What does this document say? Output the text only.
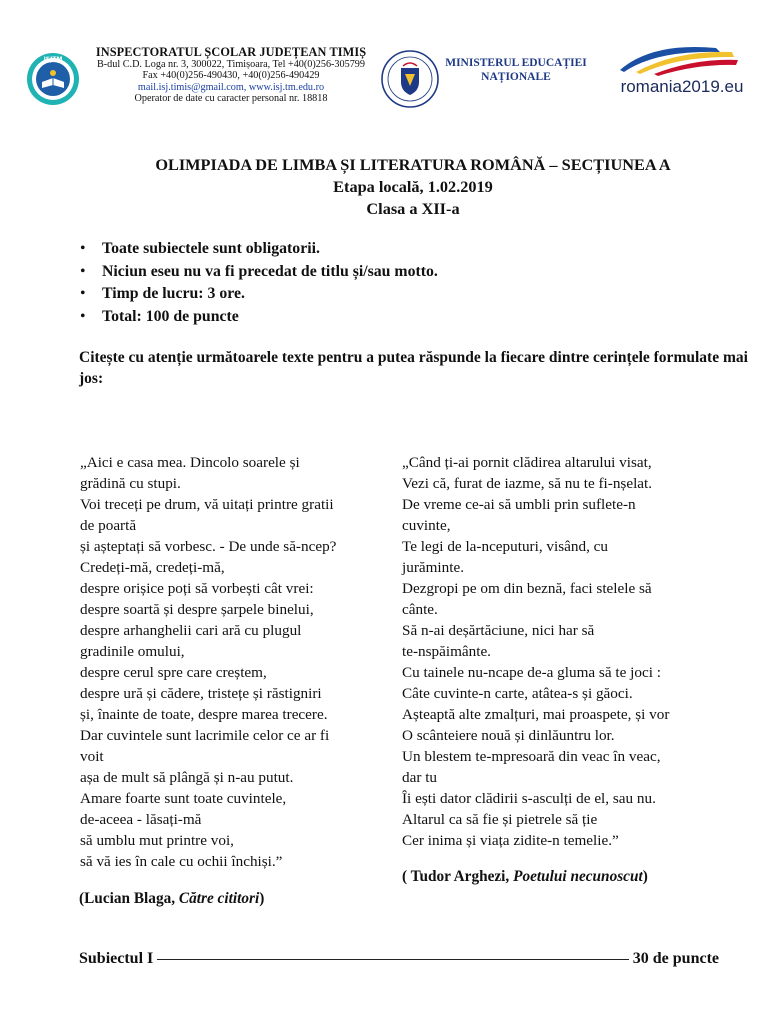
ISJTM
INSPECTORATUL ȘCOLAR JUDEȚEAN TIMIȘ
B-dul C.D. Loga nr. 3, 300022, Timișoara, Tel +40(0)256-305799
Fax +40(0)256-490430, +40(0)256-490429
mail.isj.timis@gmail.com, www.isj.tm.edu.ro
Operator de date cu caracter personal nr. 18818
MINISTERUL EDUCAȚIEI
NAȚIONALE	romania2019.eu
OLIMPIADA DE LIMBA ȘI LITERATURA ROMÂNĂ – SECȚIUNEA A
Etapa locală, 1.02.2019
Clasa a XII-a
• Toate subiectele sunt obligatorii.
• Niciun eseu nu va fi precedat de titlu și/sau motto.
• Timp de lucru: 3 ore.
• Total: 100 de puncte
Citește cu atenție următoarele texte pentru a putea răspunde la fiecare dintre cerințele formulate mai jos:
„Aici e casa mea. Dincolo soarele și
grădină cu stupi.
Voi treceți pe drum, vă uitați printre gratii
de poartă
și așteptați să vorbesc. - De unde să-ncep?
Credeți-mă, credeți-mă,
despre orișice poți să vorbești cât vrei:
despre soartă și despre șarpele binelui,
despre arhanghelii cari ară cu plugul
gradinile omului,
despre cerul spre care creștem,
despre ură și cădere, tristețe și răstigniri
și, înainte de toate, despre marea trecere.
Dar cuvintele sunt lacrimile celor ce ar fi
voit
așa de mult să plângă și n-au putut.
Amare foarte sunt toate cuvintele,
de-aceea - lăsați-mă
să umblu mut printre voi,
să vă ies în cale cu ochii închiși.”
(Lucian Blaga, Către cititori)
„Când ți-ai pornit clădirea altarului visat,
Vezi că, furat de iazme, să nu te fi-nșelat.
De vreme ce-ai să umbli prin suflete-n
cuvinte,
Te legi de la-nceputuri, visând, cu
jurăminte.
Dezgropi pe om din beznă, faci stelele să
cânte.
Să n-ai deșărtăciune, nici har să
te-nspăimânte.
Cu tainele nu-ncape de-a gluma să te joci :
Câte cuvinte-n carte, atâtea-s și găoci.
Așteaptă alte zmalțuri, mai proaspete, și vor
O scânteiere nouă și dinlăuntru lor.
Un blestem te-mpresoară din veac în veac,
dar tu
Îi ești dator clădirii s-asculți de el, sau nu.
Altarul ca să fie și pietrele să ție
Cer inima și viața zidite-n temelie.”
( Tudor Arghezi, Poetului necunoscut)
Subiectul I	30 de puncte
